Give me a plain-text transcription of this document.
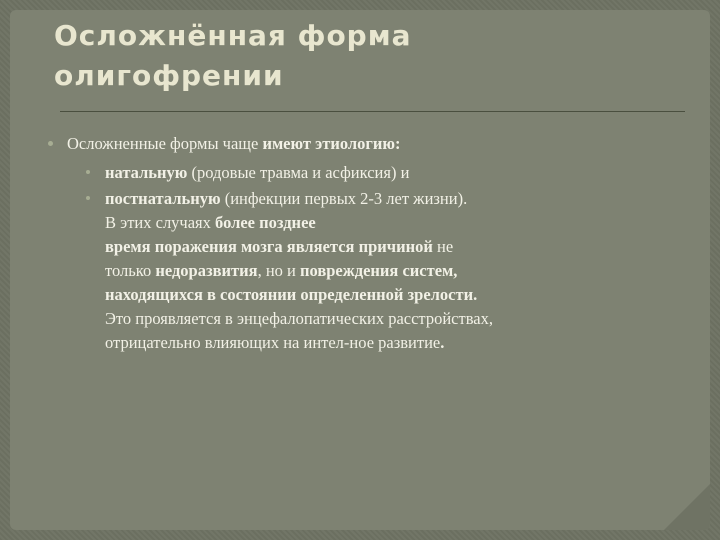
Осложнённая форма
олигофрении
Осложненные формы чаще имеют этиологию:
натальную (родовые травма и асфиксия) и
постнатальную (инфекции первых 2-3 лет жизни).
В этих случаях более позднее
время поражения мозга является причиной не
только недоразвития, но и повреждения систем,
находящихся в состоянии определенной зрелости.
Это проявляется в энцефалопатических расстройствах,
отрицательно влияющих на интел-ное развитие.
